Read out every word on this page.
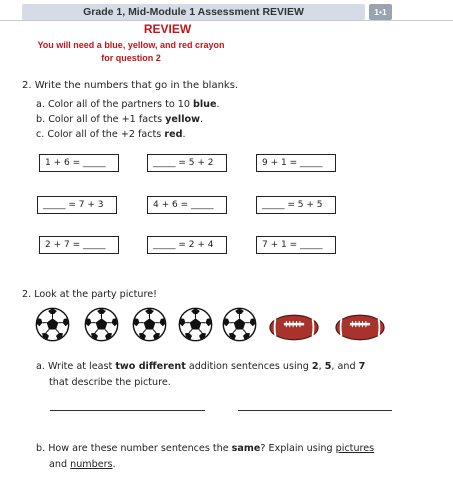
Grade 1, Mid-Module 1 Assessment REVIEW	1•1
REVIEW
You will need a blue, yellow, and red crayon
for question 2
2. Write the numbers that go in the blanks.
a. Color all of the partners to 10 blue.
b. Color all of the +1 facts yellow.
c. Color all of the +2 facts red.
1 + 6 = _____	_____ = 5 + 2	9 + 1 = _____
_____ = 7 + 3	4 + 6 = _____	_____ = 5 + 5
2 + 7 = _____	_____ = 2 + 4	7 + 1 = _____
2. Look at the party picture!
a. Write at least two different addition sentences using 2, 5, and 7
that describe the picture.
b. How are these number sentences the same? Explain using pictures
and numbers.
